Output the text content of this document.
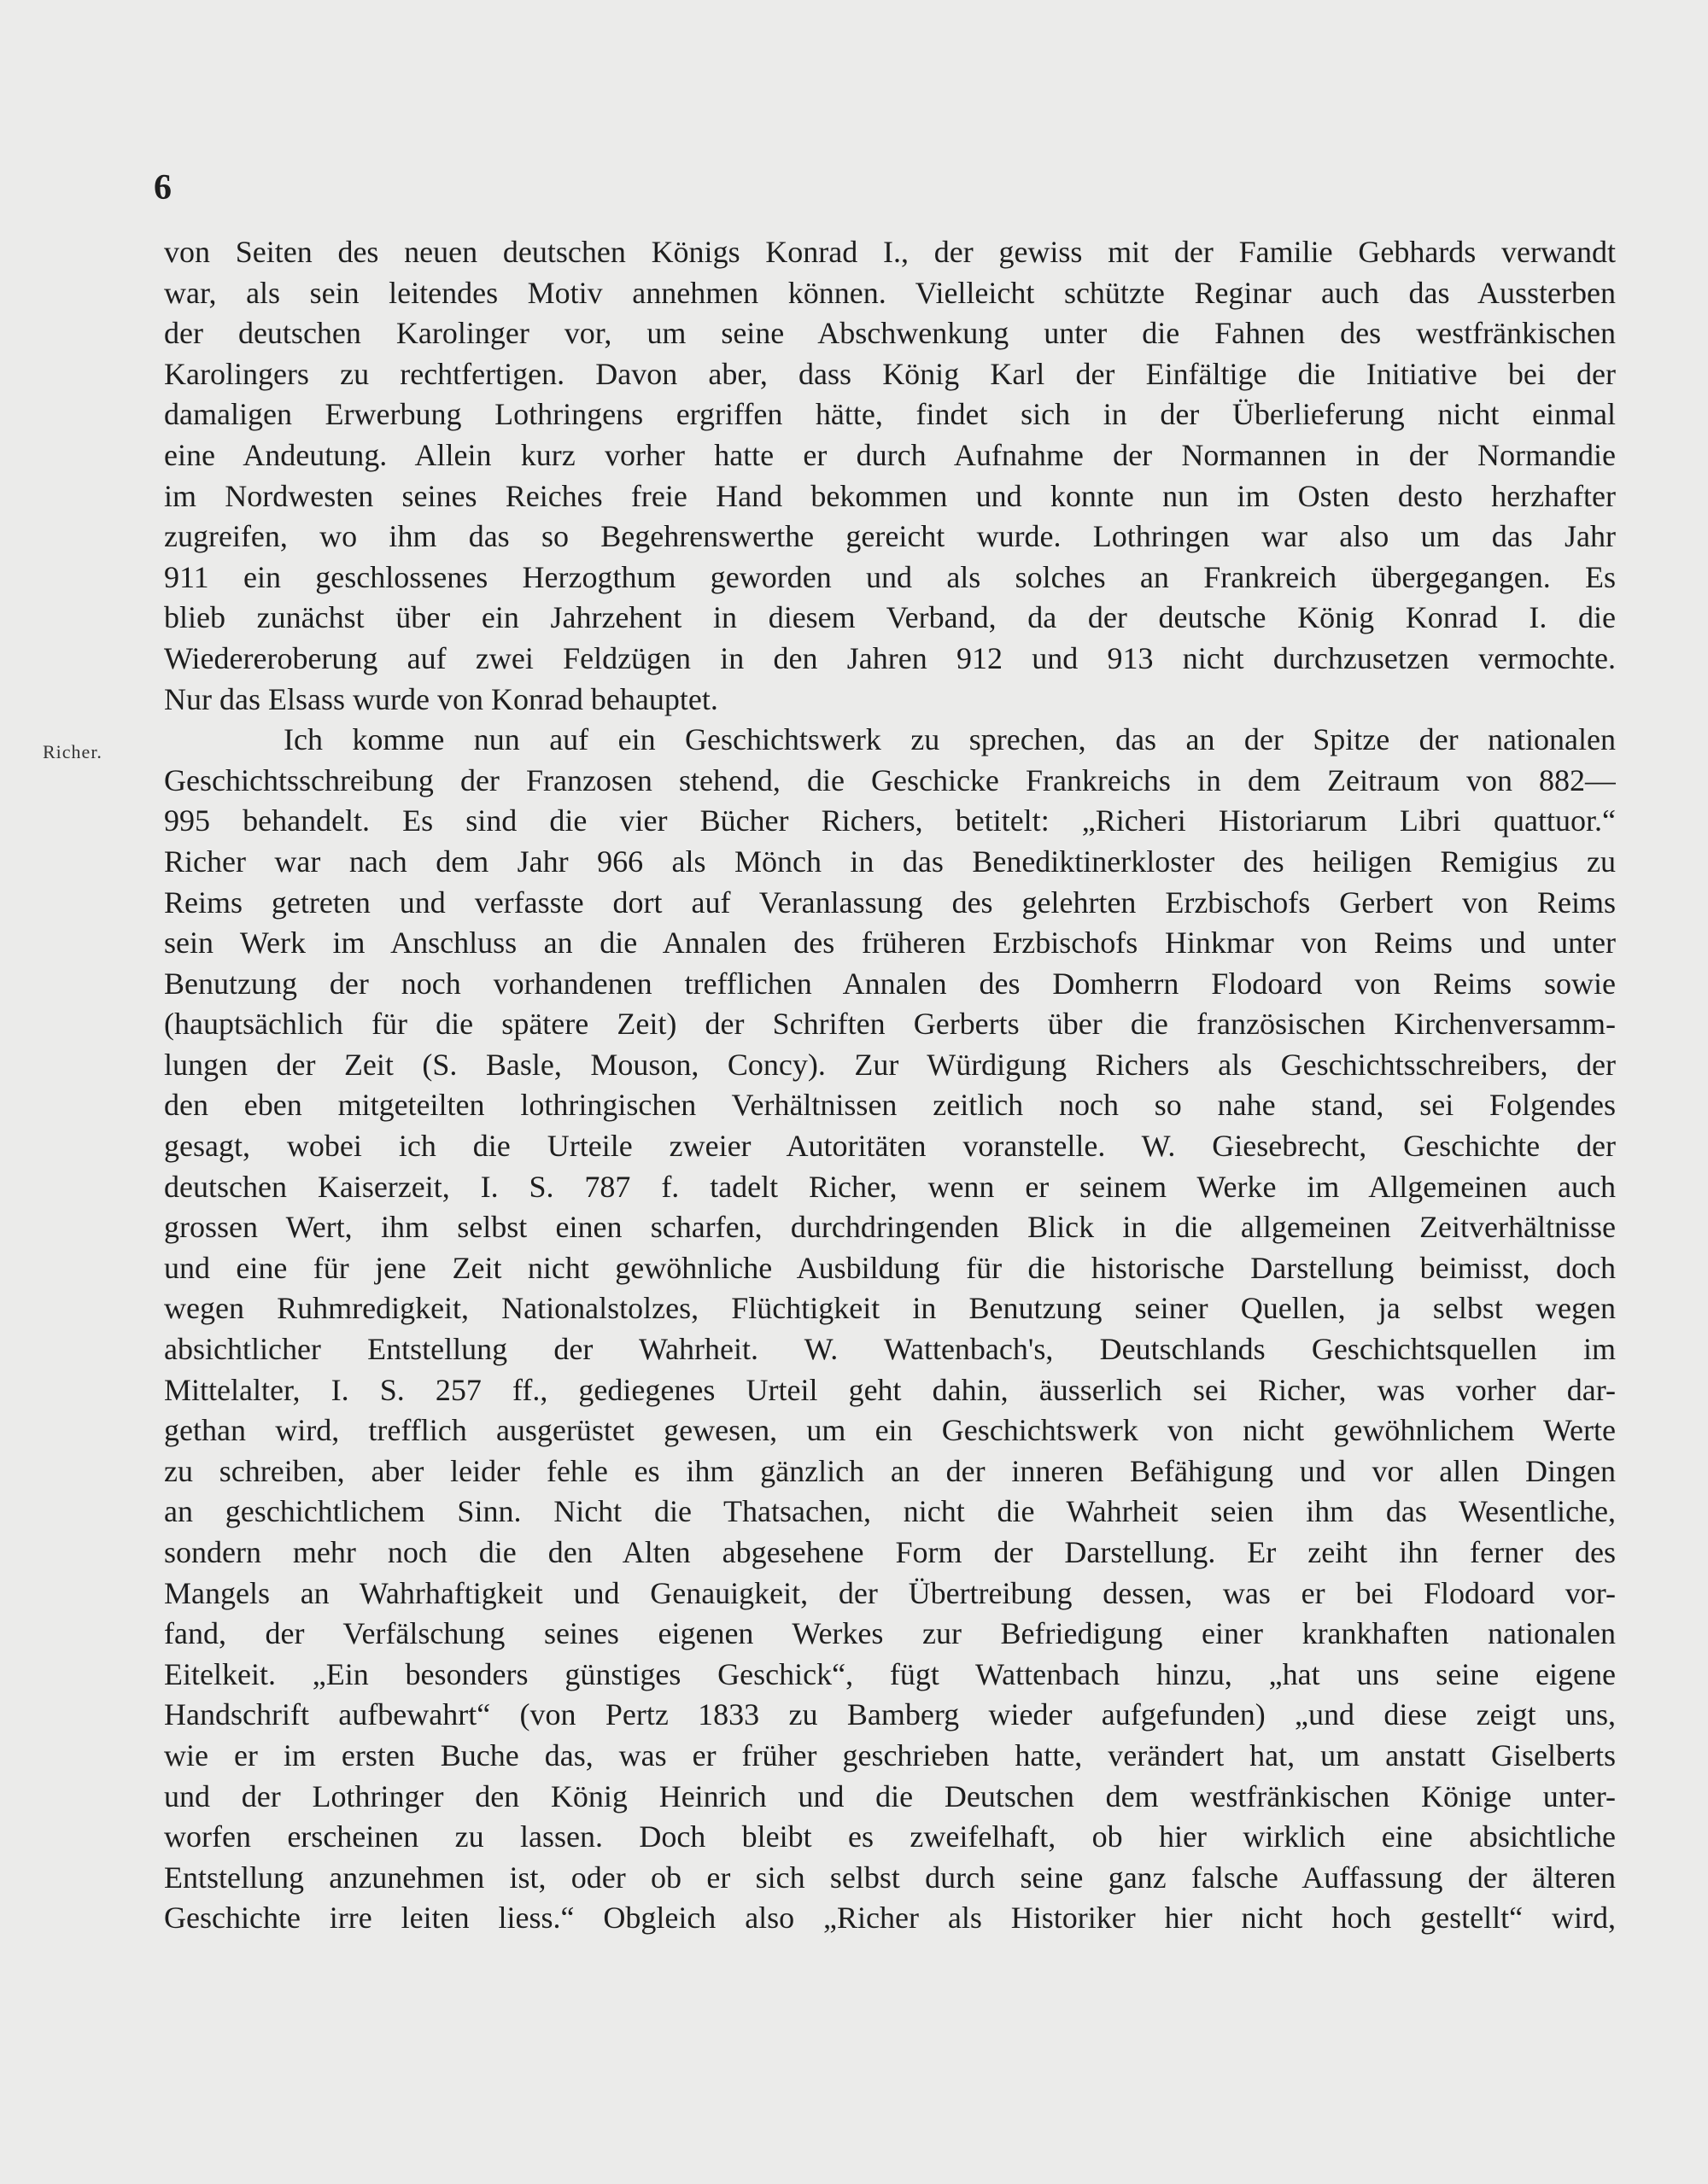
6
Richer.
von Seiten des neuen deutschen Königs Konrad I., der gewiss mit der Familie Gebhards verwandt
war, als sein leitendes Motiv annehmen können. Vielleicht schützte Reginar auch das Aussterben
der deutschen Karolinger vor, um seine Abschwenkung unter die Fahnen des westfränkischen
Karolingers zu rechtfertigen. Davon aber, dass König Karl der Einfältige die Initiative bei der
damaligen Erwerbung Lothringens ergriffen hätte, findet sich in der Überlieferung nicht einmal
eine Andeutung. Allein kurz vorher hatte er durch Aufnahme der Normannen in der Normandie
im Nordwesten seines Reiches freie Hand bekommen und konnte nun im Osten desto herzhafter
zugreifen, wo ihm das so Begehrenswerthe gereicht wurde. Lothringen war also um das Jahr
911 ein geschlossenes Herzogthum geworden und als solches an Frankreich übergegangen. Es
blieb zunächst über ein Jahrzehent in diesem Verband, da der deutsche König Konrad I. die
Wiedereroberung auf zwei Feldzügen in den Jahren 912 und 913 nicht durchzusetzen vermochte.
Nur das Elsass wurde von Konrad behauptet.
Ich komme nun auf ein Geschichtswerk zu sprechen, das an der Spitze der nationalen
Geschichtsschreibung der Franzosen stehend, die Geschicke Frankreichs in dem Zeitraum von 882—
995 behandelt. Es sind die vier Bücher Richers, betitelt: „Richeri Historiarum Libri quattuor.“
Richer war nach dem Jahr 966 als Mönch in das Benediktinerkloster des heiligen Remigius zu
Reims getreten und verfasste dort auf Veranlassung des gelehrten Erzbischofs Gerbert von Reims
sein Werk im Anschluss an die Annalen des früheren Erzbischofs Hinkmar von Reims und unter
Benutzung der noch vorhandenen trefflichen Annalen des Domherrn Flodoard von Reims sowie
(hauptsächlich für die spätere Zeit) der Schriften Gerberts über die französischen Kirchenversamm-
lungen der Zeit (S. Basle, Mouson, Concy). Zur Würdigung Richers als Geschichtsschreibers, der
den eben mitgeteilten lothringischen Verhältnissen zeitlich noch so nahe stand, sei Folgendes
gesagt, wobei ich die Urteile zweier Autoritäten voranstelle. W. Giesebrecht, Geschichte der
deutschen Kaiserzeit, I. S. 787 f. tadelt Richer, wenn er seinem Werke im Allgemeinen auch
grossen Wert, ihm selbst einen scharfen, durchdringenden Blick in die allgemeinen Zeitverhältnisse
und eine für jene Zeit nicht gewöhnliche Ausbildung für die historische Darstellung beimisst, doch
wegen Ruhmredigkeit, Nationalstolzes, Flüchtigkeit in Benutzung seiner Quellen, ja selbst wegen
absichtlicher Entstellung der Wahrheit. W. Wattenbach's, Deutschlands Geschichtsquellen im
Mittelalter, I. S. 257 ff., gediegenes Urteil geht dahin, äusserlich sei Richer, was vorher dar-
gethan wird, trefflich ausgerüstet gewesen, um ein Geschichtswerk von nicht gewöhnlichem Werte
zu schreiben, aber leider fehle es ihm gänzlich an der inneren Befähigung und vor allen Dingen
an geschichtlichem Sinn. Nicht die Thatsachen, nicht die Wahrheit seien ihm das Wesentliche,
sondern mehr noch die den Alten abgesehene Form der Darstellung. Er zeiht ihn ferner des
Mangels an Wahrhaftigkeit und Genauigkeit, der Übertreibung dessen, was er bei Flodoard vor-
fand, der Verfälschung seines eigenen Werkes zur Befriedigung einer krankhaften nationalen
Eitelkeit. „Ein besonders günstiges Geschick“, fügt Wattenbach hinzu, „hat uns seine eigene
Handschrift aufbewahrt“ (von Pertz 1833 zu Bamberg wieder aufgefunden) „und diese zeigt uns,
wie er im ersten Buche das, was er früher geschrieben hatte, verändert hat, um anstatt Giselberts
und der Lothringer den König Heinrich und die Deutschen dem westfränkischen Könige unter-
worfen erscheinen zu lassen. Doch bleibt es zweifelhaft, ob hier wirklich eine absichtliche
Entstellung anzunehmen ist, oder ob er sich selbst durch seine ganz falsche Auffassung der älteren
Geschichte irre leiten liess.“ Obgleich also „Richer als Historiker hier nicht hoch gestellt“ wird,
